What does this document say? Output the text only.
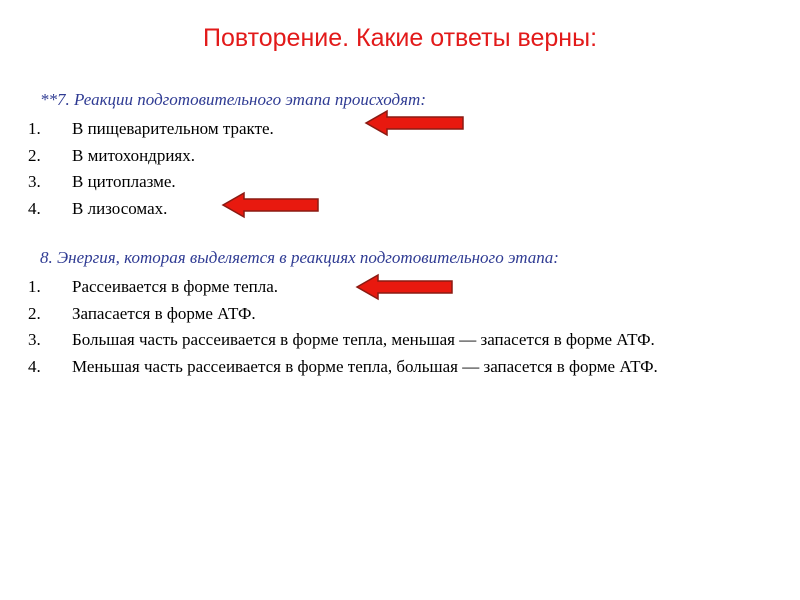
Повторение. Какие ответы верны:
**7. Реакции подготовительного этапа происходят:
1. В пищеварительном тракте.
2. В митохондриях.
3. В цитоплазме.
4. В лизосомах.
8. Энергия, которая выделяется в реакциях подготовительного этапа:
1. Рассеивается в форме тепла.
2. Запасается в форме АТФ.
3. Большая часть рассеивается в форме тепла, меньшая — запасется в форме АТФ.
4. Меньшая часть рассеивается в форме тепла, большая — запасется в форме АТФ.
